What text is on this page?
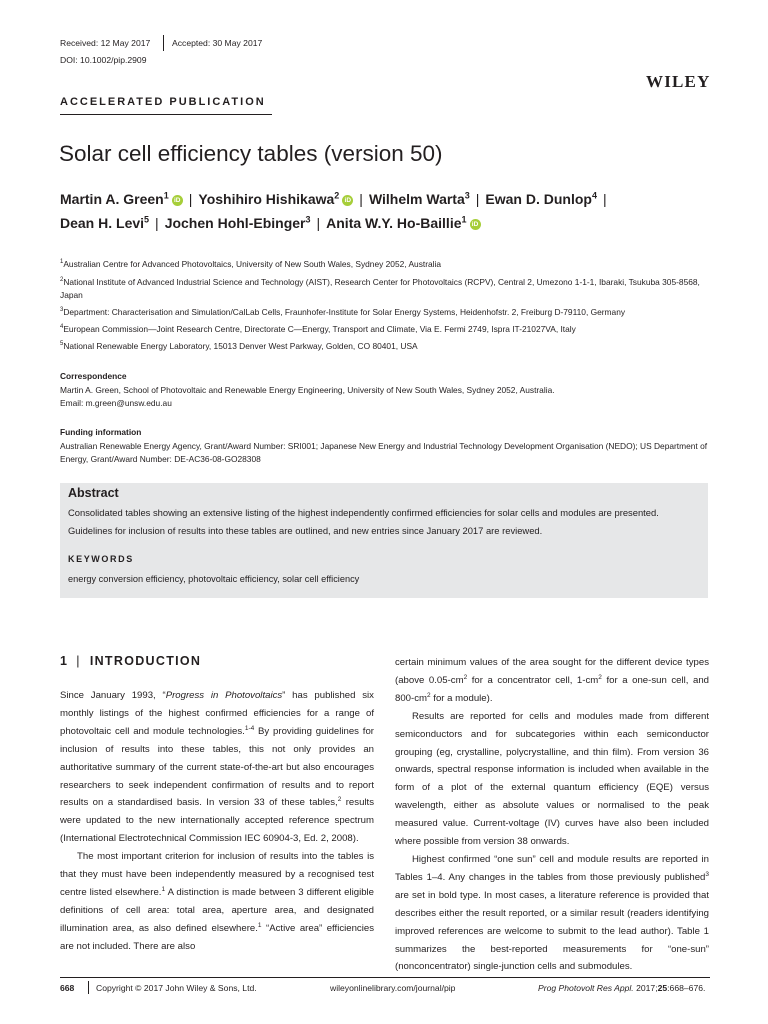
Received: 12 May 2017	Accepted: 30 May 2017
DOI: 10.1002/pip.2909
WILEY
ACCELERATED PUBLICATION
Solar cell efficiency tables (version 50)
Martin A. Green$^1$iD | Yoshihiro Hishikawa$^2$iD | Wilhelm Warta$^3$ | Ewan D. Dunlop$^4$ |
Dean H. Levi$^5$ | Jochen Hohl-Ebinger$^3$ | Anita W.Y. Ho-Baillie$^1$iD
$^1$Australian Centre for Advanced Photovoltaics, University of New South Wales, Sydney 2052, Australia
$^2$National Institute of Advanced Industrial Science and Technology (AIST), Research Center for Photovoltaics (RCPV), Central 2, Umezono 1-1-1, Ibaraki, Tsukuba 305-8568, Japan
$^3$Department: Characterisation and Simulation/CalLab Cells, Fraunhofer-Institute for Solar Energy Systems, Heidenhofstr. 2, Freiburg D-79110, Germany
$^4$European Commission—Joint Research Centre, Directorate C—Energy, Transport and Climate, Via E. Fermi 2749, Ispra IT-21027VA, Italy
$^5$National Renewable Energy Laboratory, 15013 Denver West Parkway, Golden, CO 80401, USA
Correspondence
Martin A. Green, School of Photovoltaic and Renewable Energy Engineering, University of New South Wales, Sydney 2052, Australia.
Email: m.green@unsw.edu.au
Funding information
Australian Renewable Energy Agency, Grant/Award Number: SRI001; Japanese New Energy and Industrial Technology Development Organisation (NEDO); US Department of Energy, Grant/Award Number: DE-AC36-08-GO28308
Abstract
Consolidated tables showing an extensive listing of the highest independently confirmed efficiencies for solar cells and modules are presented. Guidelines for inclusion of results into these tables are outlined, and new entries since January 2017 are reviewed.
KEYWORDS
energy conversion efficiency, photovoltaic efficiency, solar cell efficiency
1 | INTRODUCTION

Since January 1993, “Progress in Photovoltaics” has published six monthly listings of the highest confirmed efficiencies for a range of photovoltaic cell and module technologies.$^{1-4}$ By providing guidelines for inclusion of results into these tables, this not only provides an authoritative summary of the current state-of-the-art but also encourages researchers to seek independent confirmation of results and to report results on a standardised basis. In version 33 of these tables,$^2$ results were updated to the new internationally accepted reference spectrum (International Electrotechnical Commission IEC 60904-3, Ed. 2, 2008).

The most important criterion for inclusion of results into the tables is that they must have been independently measured by a recognised test centre listed elsewhere.$^1$ A distinction is made between 3 different eligible definitions of cell area: total area, aperture area, and designated illumination area, as also defined elsewhere.$^1$ “Active area” efficiencies are not included. There are also

certain minimum values of the area sought for the different device types (above $0.05-cm^2$ for a concentrator cell, $1-cm^2$ for a one-sun cell, and $800-cm^2$ for a module).

Results are reported for cells and modules made from different semiconductors and for subcategories within each semiconductor grouping (eg, crystalline, polycrystalline, and thin film). From version 36 onwards, spectral response information is included when available in the form of a plot of the external quantum efficiency (EQE) versus wavelength, either as absolute values or normalised to the peak measured value. Current-voltage (IV) curves have also been included where possible from version 38 onwards.

Highest confirmed “one sun” cell and module results are reported in Tables 1–4. Any changes in the tables from those previously published$^3$ are set in bold type. In most cases, a literature reference is provided that describes either the result reported, or a similar result (readers identifying improved references are welcome to submit to the lead author). Table 1 summarizes the best-reported measurements for “one-sun” (nonconcentrator) single-junction cells and submodules.

668	Copyright © 2017 John Wiley & Sons, Ltd.	wileyonlinelibrary.com/journal/pip	Prog Photovolt Res Appl. 2017;25:668–676.
